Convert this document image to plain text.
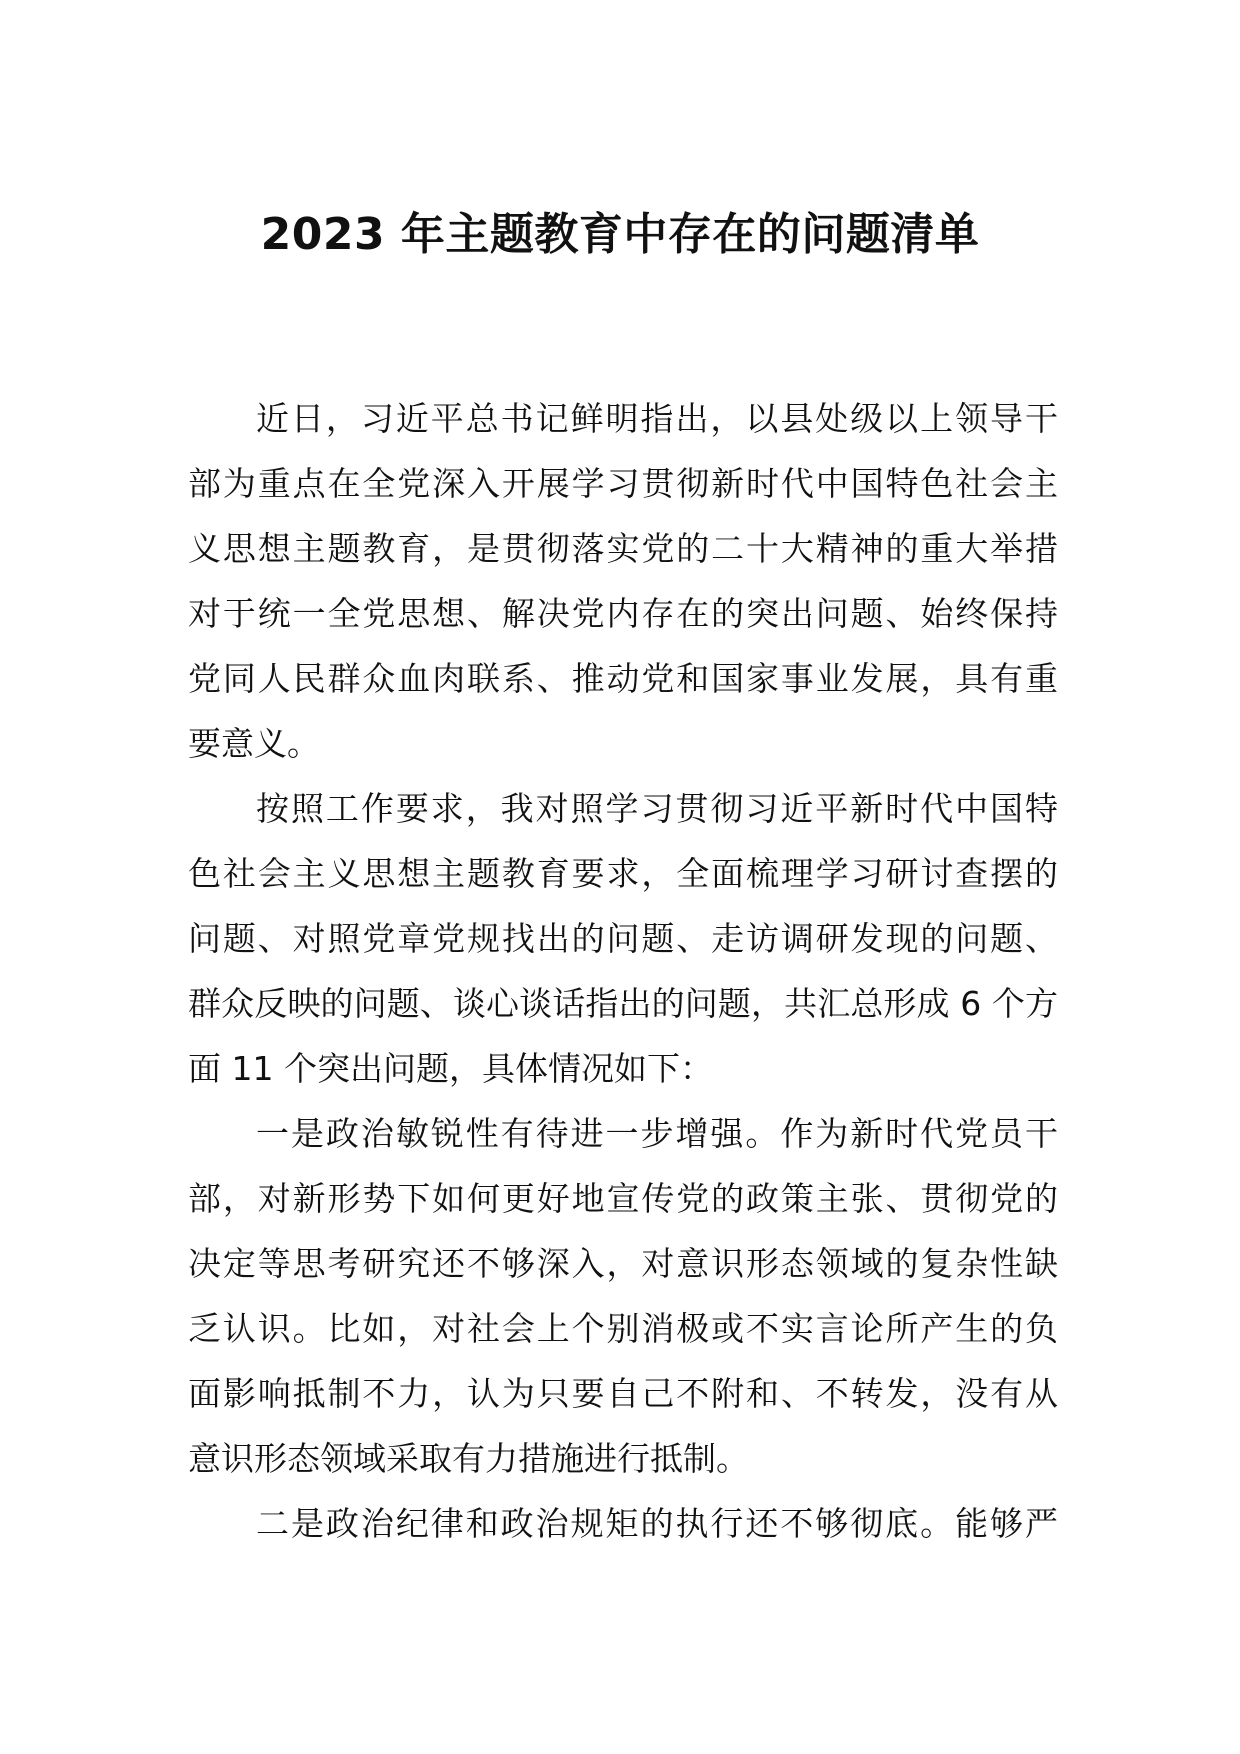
2023 年主题教育中存在的问题清单
近日，习近平总书记鲜明指出，以县处级以上领导干
部为重点在全党深入开展学习贯彻新时代中国特色社会主
义思想主题教育，是贯彻落实党的二十大精神的重大举措
对于统一全党思想、解决党内存在的突出问题、始终保持
党同人民群众血肉联系、推动党和国家事业发展，具有重
要意义。
按照工作要求，我对照学习贯彻习近平新时代中国特
色社会主义思想主题教育要求，全面梳理学习研讨查摆的
问题、对照党章党规找出的问题、走访调研发现的问题、
群众反映的问题、谈心谈话指出的问题，共汇总形成 6 个方
面 11 个突出问题，具体情况如下：
一是政治敏锐性有待进一步增强。作为新时代党员干
部，对新形势下如何更好地宣传党的政策主张、贯彻党的
决定等思考研究还不够深入，对意识形态领域的复杂性缺
乏认识。比如，对社会上个别消极或不实言论所产生的负
面影响抵制不力，认为只要自己不附和、不转发，没有从
意识形态领域采取有力措施进行抵制。
二是政治纪律和政治规矩的执行还不够彻底。能够严
